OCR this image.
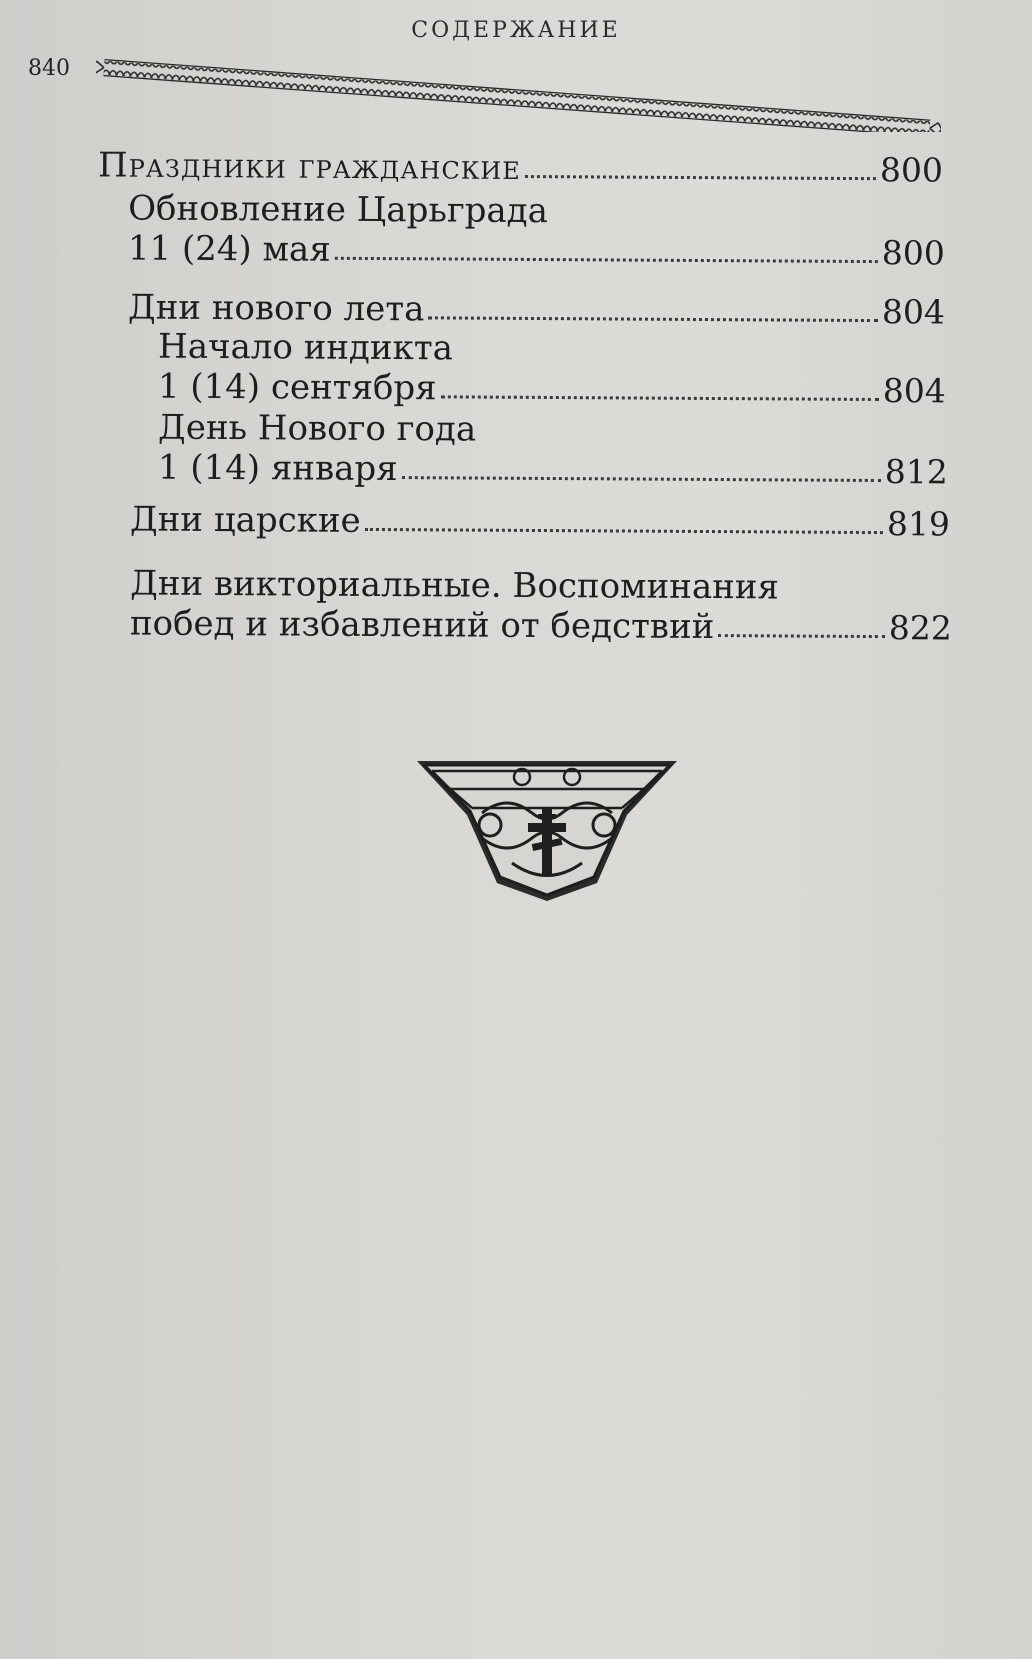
СОДЕРЖАНИЕ
840
Праздники гражданские	800
Обновление Царьграда
11 (24) мая	800
Дни нового лета	804
Начало индикта
1 (14) сентября	804
День Нового года
1 (14) января	812
Дни царские	819
Дни викториальные. Воспоминания
побед и избавлений от бедствий	822
